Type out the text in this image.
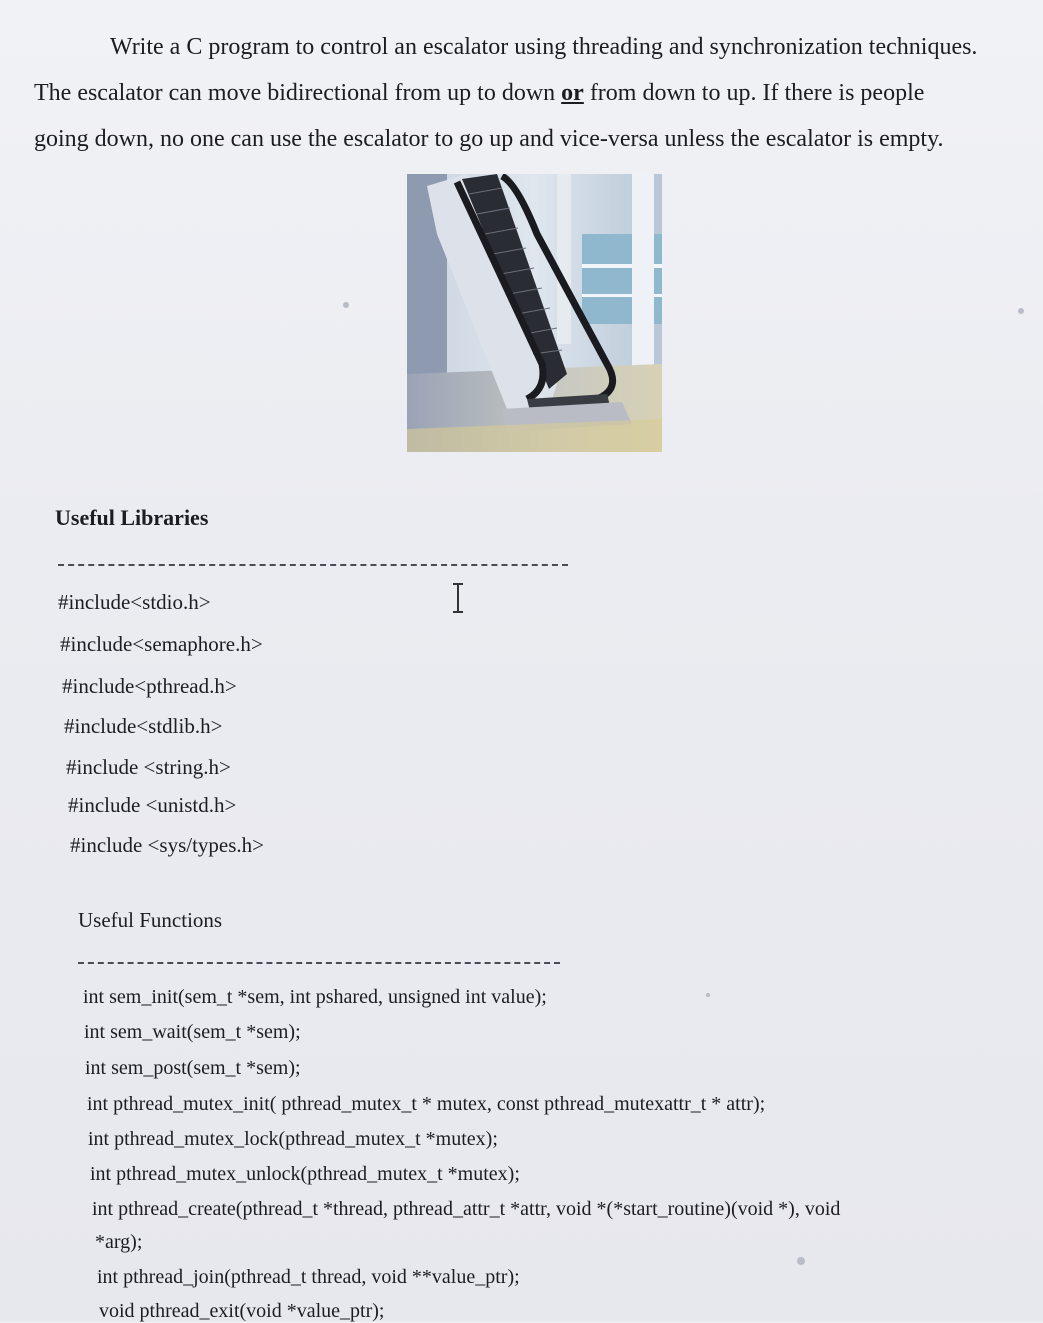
Write a C program to control an escalator using threading and synchronization techniques.
The escalator can move bidirectional from up to down or from down to up. If there is people
going down, no one can use the escalator to go up and vice-versa unless the escalator is empty.

Useful Libraries
#include<stdio.h>
#include<semaphore.h>
#include<pthread.h>
#include<stdlib.h>
#include <string.h>
#include <unistd.h>
#include <sys/types.h>
Useful Functions
int sem_init(sem_t *sem, int pshared, unsigned int value);
int sem_wait(sem_t *sem);
int sem_post(sem_t *sem);
int pthread_mutex_init( pthread_mutex_t * mutex, const pthread_mutexattr_t * attr);
int pthread_mutex_lock(pthread_mutex_t *mutex);
int pthread_mutex_unlock(pthread_mutex_t *mutex);
int pthread_create(pthread_t *thread, pthread_attr_t *attr, void *(*start_routine)(void *), void
*arg);
int pthread_join(pthread_t thread, void **value_ptr);
void pthread_exit(void *value_ptr);
